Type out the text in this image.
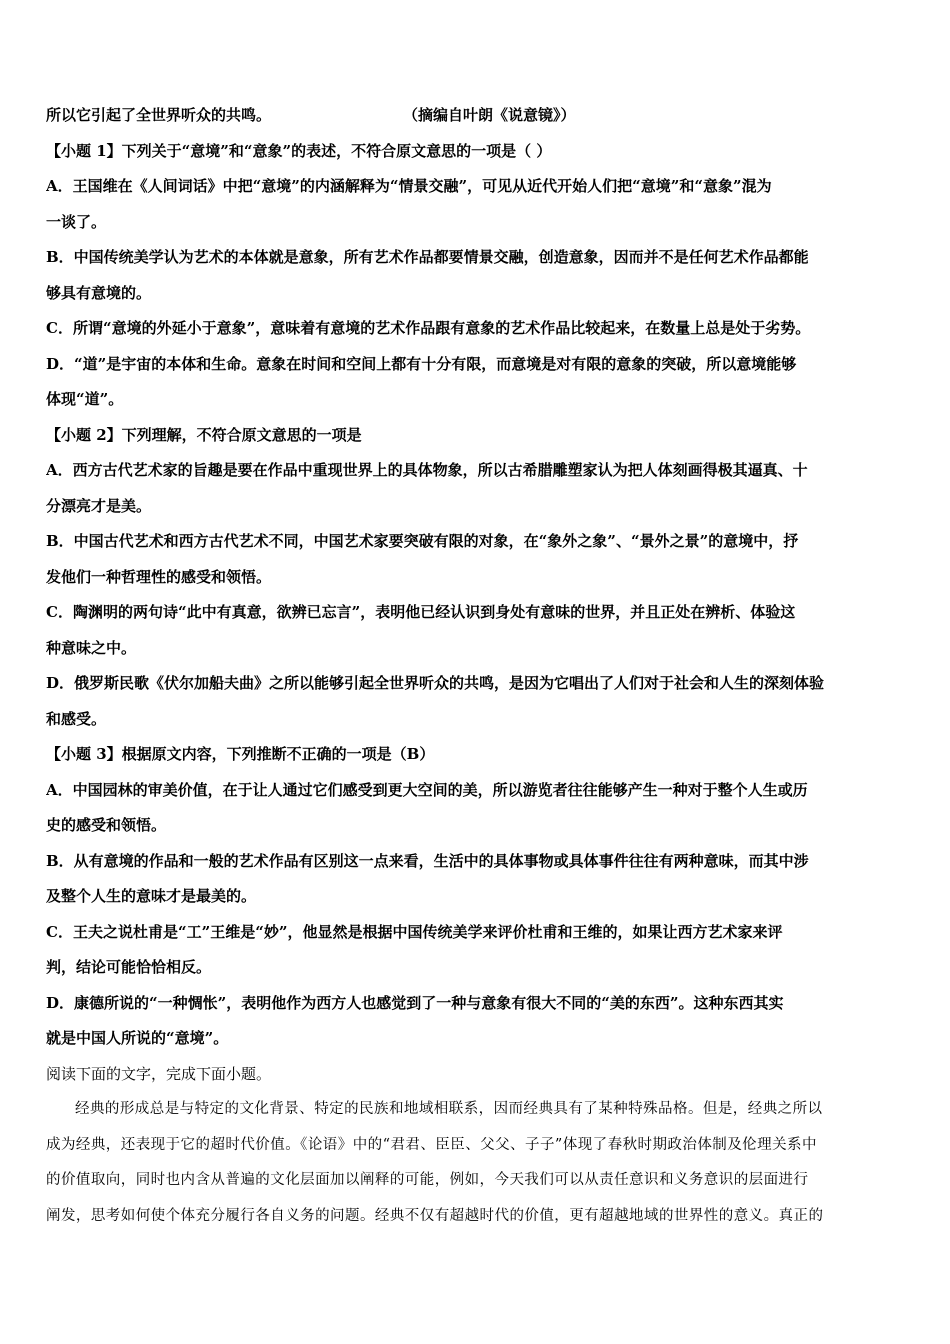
所以它引起了全世界听众的共鸣。	（摘编自叶朗《说意镜》）
【小题 1】下列关于“意境”和“意象”的表述，不符合原文意思的一项是（ ）
A．王国维在《人间词话》中把“意境”的内涵解释为“情景交融”，可见从近代开始人们把“意境”和“意象”混为
一谈了。
B．中国传统美学认为艺术的本体就是意象，所有艺术作品都要情景交融，创造意象，因而并不是任何艺术作品都能
够具有意境的。
C．所谓“意境的外延小于意象”，意味着有意境的艺术作品跟有意象的艺术作品比较起来，在数量上总是处于劣势。
D．“道”是宇宙的本体和生命。意象在时间和空间上都有十分有限，而意境是对有限的意象的突破，所以意境能够
体现“道”。
【小题 2】下列理解，不符合原文意思的一项是
A．西方古代艺术家的旨趣是要在作品中重现世界上的具体物象，所以古希腊雕塑家认为把人体刻画得极其逼真、十
分漂亮才是美。
B．中国古代艺术和西方古代艺术不同，中国艺术家要突破有限的对象，在“象外之象”、“景外之景”的意境中，抒
发他们一种哲理性的感受和领悟。
C．陶渊明的两句诗“此中有真意，欲辨已忘言”，表明他已经认识到身处有意味的世界，并且正处在辨析、体验这
种意味之中。
D．俄罗斯民歌《伏尔加船夫曲》之所以能够引起全世界听众的共鸣，是因为它唱出了人们对于社会和人生的深刻体验
和感受。
【小题 3】根据原文内容，下列推断不正确的一项是（B）
A．中国园林的审美价值，在于让人通过它们感受到更大空间的美，所以游览者往往能够产生一种对于整个人生或历
史的感受和领悟。
B．从有意境的作品和一般的艺术作品有区别这一点来看，生活中的具体事物或具体事件往往有两种意味，而其中涉
及整个人生的意味才是最美的。
C．王夫之说杜甫是“工”王维是“妙”，他显然是根据中国传统美学来评价杜甫和王维的，如果让西方艺术家来评
判，结论可能恰恰相反。
D．康德所说的“一种惆怅”，表明他作为西方人也感觉到了一种与意象有很大不同的“美的东西”。这种东西其实
就是中国人所说的“意境”。
阅读下面的文字，完成下面小题。
经典的形成总是与特定的文化背景、特定的民族和地域相联系，因而经典具有了某种特殊品格。但是，经典之所以
成为经典，还表现于它的超时代价值。《论语》中的“君君、臣臣、父父、子子”体现了春秋时期政治体制及伦理关系中
的价值取向，同时也内含从普遍的文化层面加以阐释的可能，例如，今天我们可以从责任意识和义务意识的层面进行
阐发，思考如何使个体充分履行各自义务的问题。经典不仅有超越时代的价值，更有超越地域的世界性的意义。真正的
